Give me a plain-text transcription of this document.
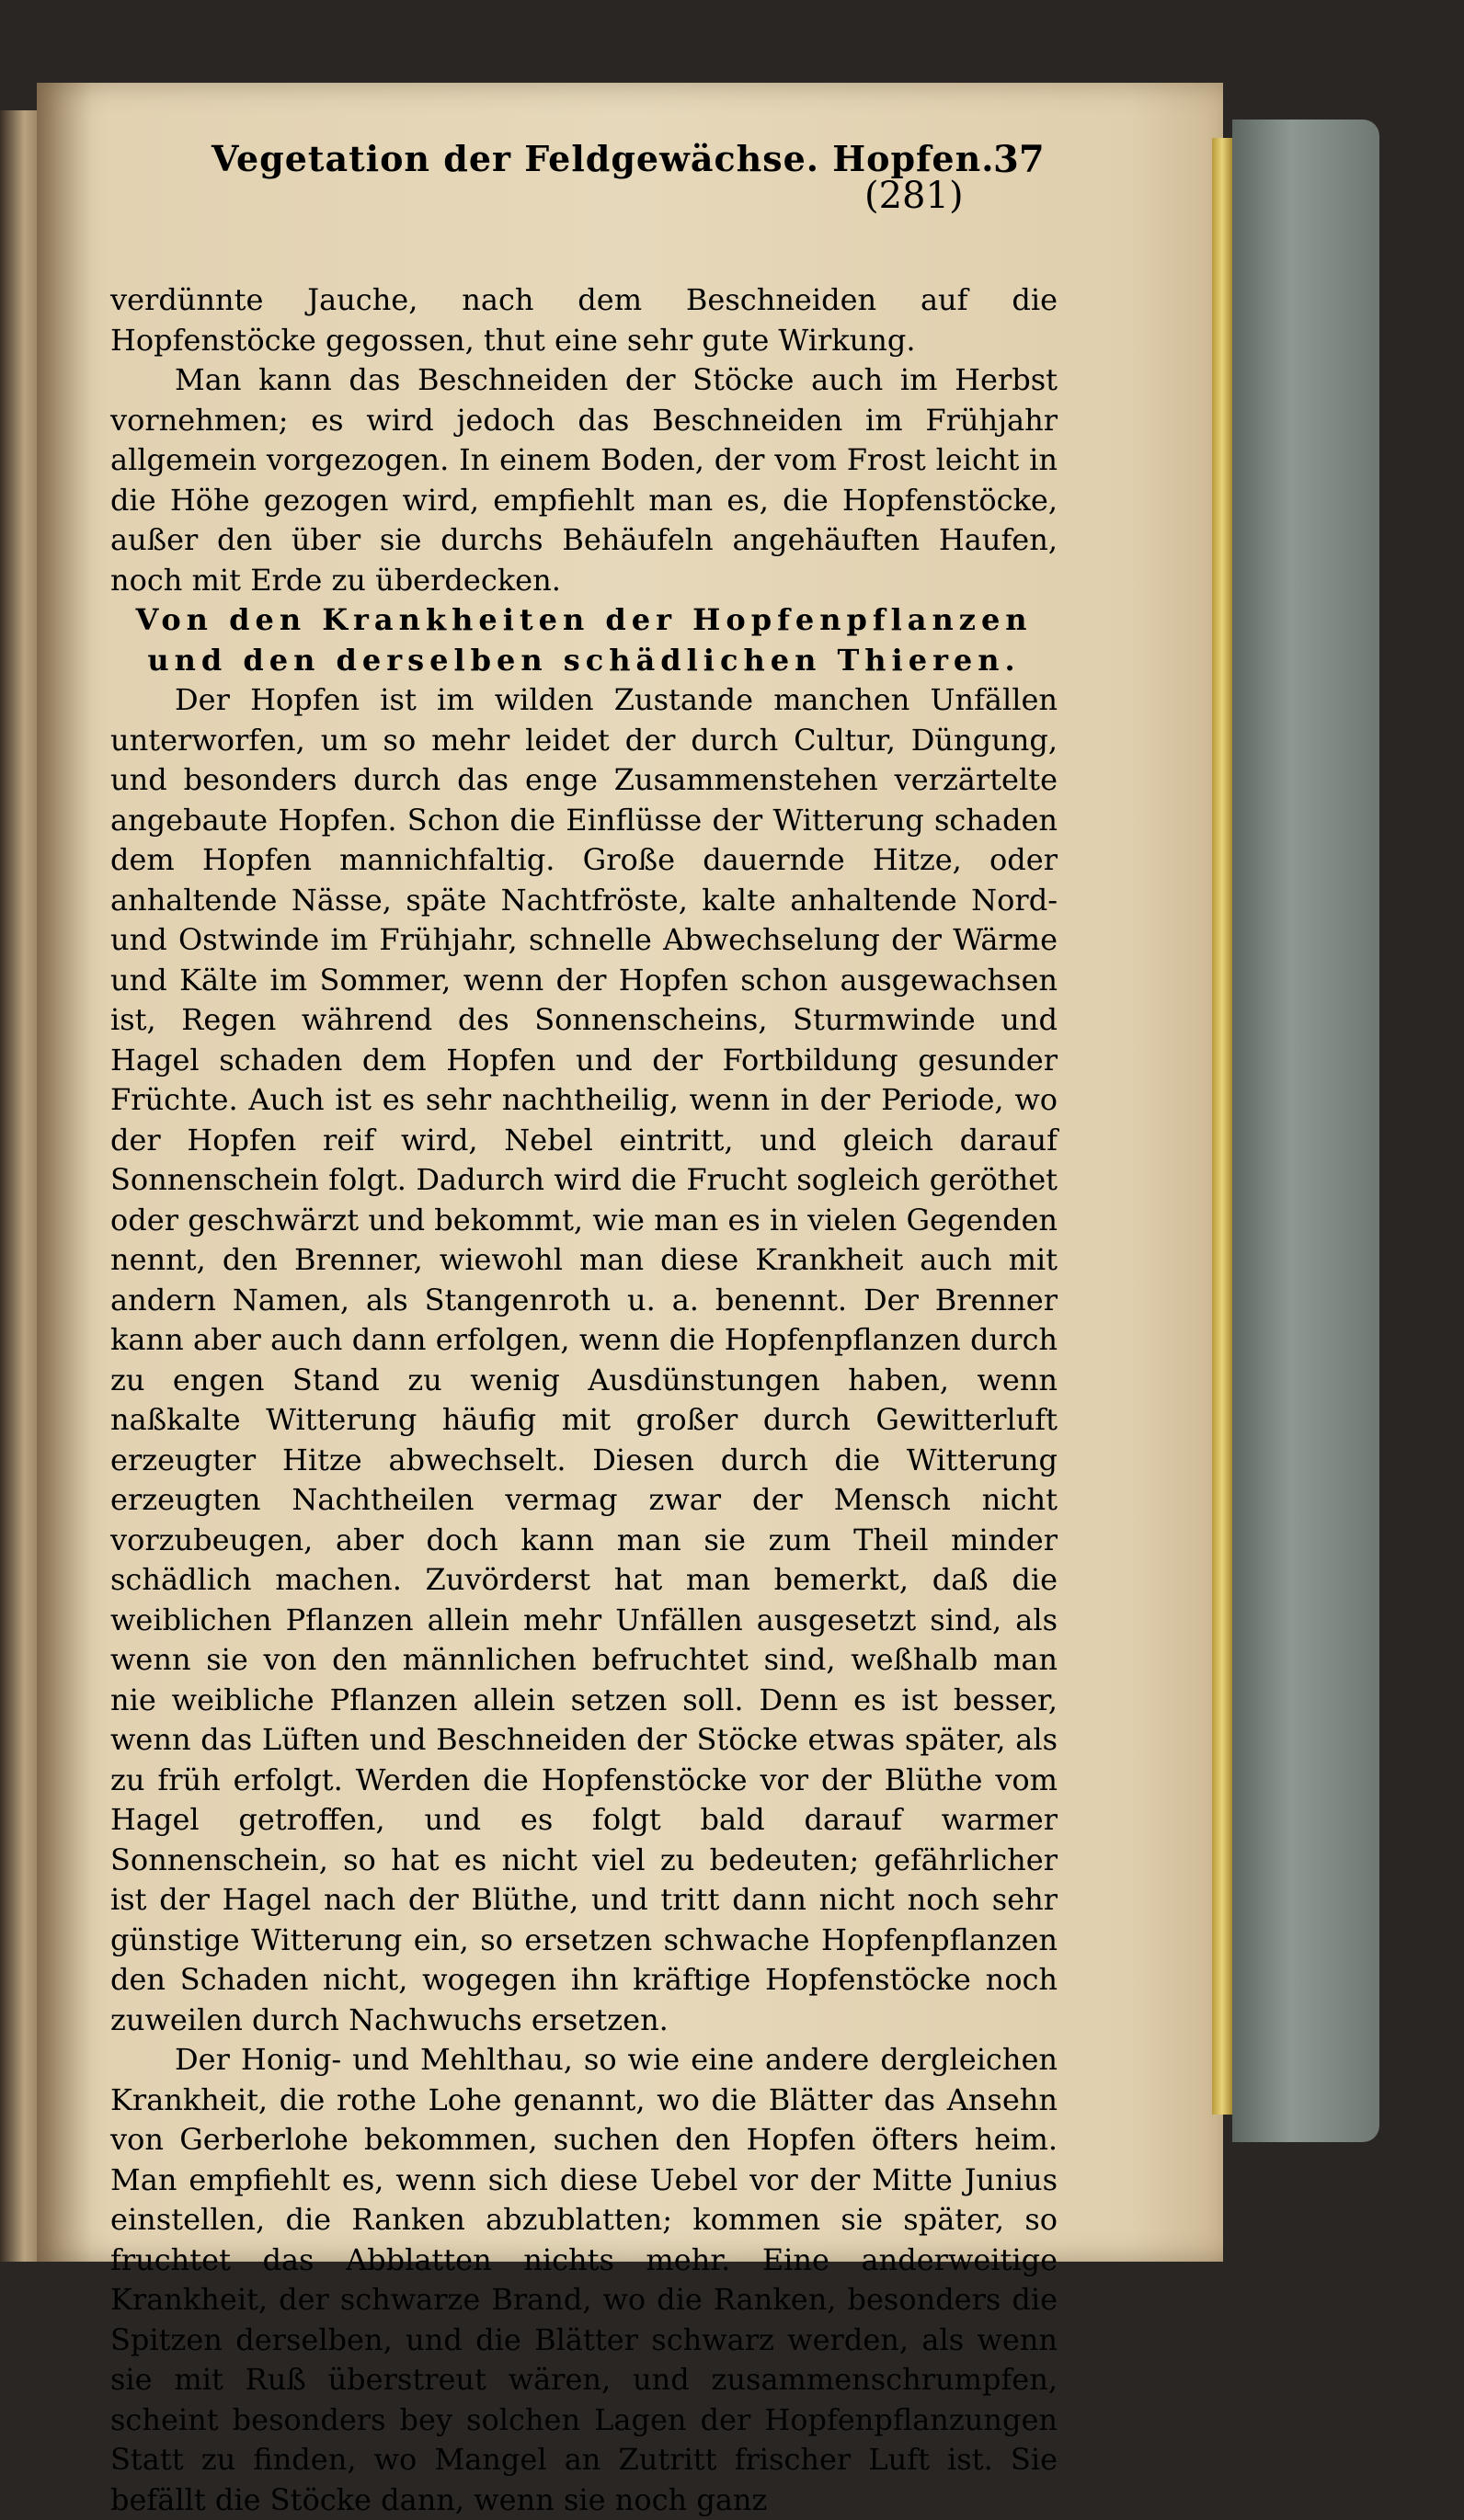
Vegetation der Feldgewächse. Hopfen.
37
(281)

verdünnte Jauche, nach dem Beschneiden auf die Hopfenstöcke gegossen, thut eine sehr gute Wirkung.

Man kann das Beschneiden der Stöcke auch im Herbst vornehmen; es wird jedoch das Beschneiden im Frühjahr allgemein vorgezogen. In einem Boden, der vom Frost leicht in die Höhe gezogen wird, empfiehlt man es, die Hopfenstöcke, außer den über sie durchs Behäufeln angehäuften Haufen, noch mit Erde zu überdecken.

Von den Krankheiten der Hopfenpflanzen und den derselben schädlichen Thieren.

Der Hopfen ist im wilden Zustande manchen Unfällen unterworfen, um so mehr leidet der durch Cultur, Düngung, und besonders durch das enge Zusammenstehen verzärtelte angebaute Hopfen. Schon die Einflüsse der Witterung schaden dem Hopfen mannichfaltig. Große dauernde Hitze, oder anhaltende Nässe, späte Nachtfröste, kalte anhaltende Nord- und Ostwinde im Frühjahr, schnelle Abwechselung der Wärme und Kälte im Sommer, wenn der Hopfen schon ausgewachsen ist, Regen während des Sonnenscheins, Sturmwinde und Hagel schaden dem Hopfen und der Fortbildung gesunder Früchte. Auch ist es sehr nachtheilig, wenn in der Periode, wo der Hopfen reif wird, Nebel eintritt, und gleich darauf Sonnenschein folgt. Dadurch wird die Frucht sogleich geröthet oder geschwärzt und bekommt, wie man es in vielen Gegenden nennt, den Brenner, wiewohl man diese Krankheit auch mit andern Namen, als Stangenroth u. a. benennt. Der Brenner kann aber auch dann erfolgen, wenn die Hopfenpflanzen durch zu engen Stand zu wenig Ausdünstungen haben, wenn naßkalte Witterung häufig mit großer durch Gewitterluft erzeugter Hitze abwechselt. Diesen durch die Witterung erzeugten Nachtheilen vermag zwar der Mensch nicht vorzubeugen, aber doch kann man sie zum Theil minder schädlich machen. Zuvörderst hat man bemerkt, daß die weiblichen Pflanzen allein mehr Unfällen ausgesetzt sind, als wenn sie von den männlichen befruchtet sind, weßhalb man nie weibliche Pflanzen allein setzen soll. Denn es ist besser, wenn das Lüften und Beschneiden der Stöcke etwas später, als zu früh erfolgt. Werden die Hopfenstöcke vor der Blüthe vom Hagel getroffen, und es folgt bald darauf warmer Sonnenschein, so hat es nicht viel zu bedeuten; gefährlicher ist der Hagel nach der Blüthe, und tritt dann nicht noch sehr günstige Witterung ein, so ersetzen schwache Hopfenpflanzen den Schaden nicht, wogegen ihn kräftige Hopfenstöcke noch zuweilen durch Nachwuchs ersetzen.

Der Honig- und Mehlthau, so wie eine andere dergleichen Krankheit, die rothe Lohe genannt, wo die Blätter das Ansehn von Gerberlohe bekommen, suchen den Hopfen öfters heim. Man empfiehlt es, wenn sich diese Uebel vor der Mitte Junius einstellen, die Ranken abzublatten; kommen sie später, so fruchtet das Abblatten nichts mehr. Eine anderweitige Krankheit, der schwarze Brand, wo die Ranken, besonders die Spitzen derselben, und die Blätter schwarz werden, als wenn sie mit Ruß überstreut wären, und zusammenschrumpfen, scheint besonders bey solchen Lagen der Hopfenpflanzungen Statt zu finden, wo Mangel an Zutritt frischer Luft ist. Sie befällt die Stöcke dann, wenn sie noch ganz
